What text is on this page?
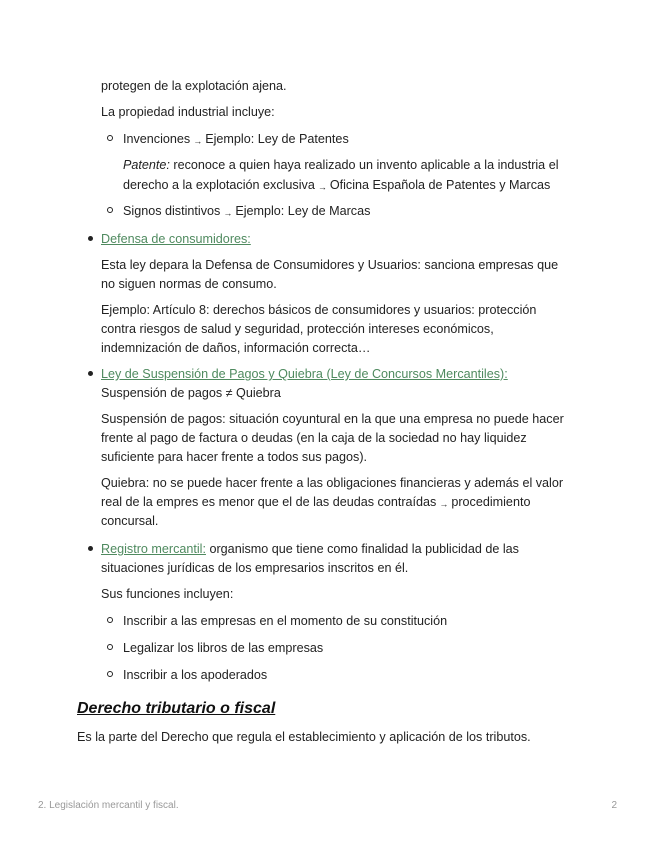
protegen de la explotación ajena.

La propiedad industrial incluye:

Invenciones → Ejemplo: Ley de Patentes

Patente: reconoce a quien haya realizado un invento aplicable a la industria el

derecho a la explotación exclusiva → Oficina Española de Patentes y Marcas

Signos distintivos → Ejemplo: Ley de Marcas

Defensa de consumidores:

Esta ley depara la Defensa de Consumidores y Usuarios: sanciona empresas que

no siguen normas de consumo.

Ejemplo: Artículo 8: derechos básicos de consumidores y usuarios: protección

contra riesgos de salud y seguridad, protección intereses económicos,

indemnización de daños, información correcta…

Ley de Suspensión de Pagos y Quiebra (Ley de Concursos Mercantiles):

Suspensión de pagos ≠ Quiebra

Suspensión de pagos: situación coyuntural en la que una empresa no puede hacer

frente al pago de factura o deudas (en la caja de la sociedad no hay liquidez

suficiente para hacer frente a todos sus pagos).

Quiebra: no se puede hacer frente a las obligaciones financieras y además el valor

real de la empres es menor que el de las deudas contraídas → procedimiento

concursal.

Registro mercantil: organismo que tiene como finalidad la publicidad de las

situaciones jurídicas de los empresarios inscritos en él.

Sus funciones incluyen:

Inscribir a las empresas en el momento de su constitución

Legalizar los libros de las empresas

Inscribir a los apoderados

Derecho tributario o fiscal

Es la parte del Derecho que regula el establecimiento y aplicación de los tributos.

2. Legislación mercantil y fiscal.	2
